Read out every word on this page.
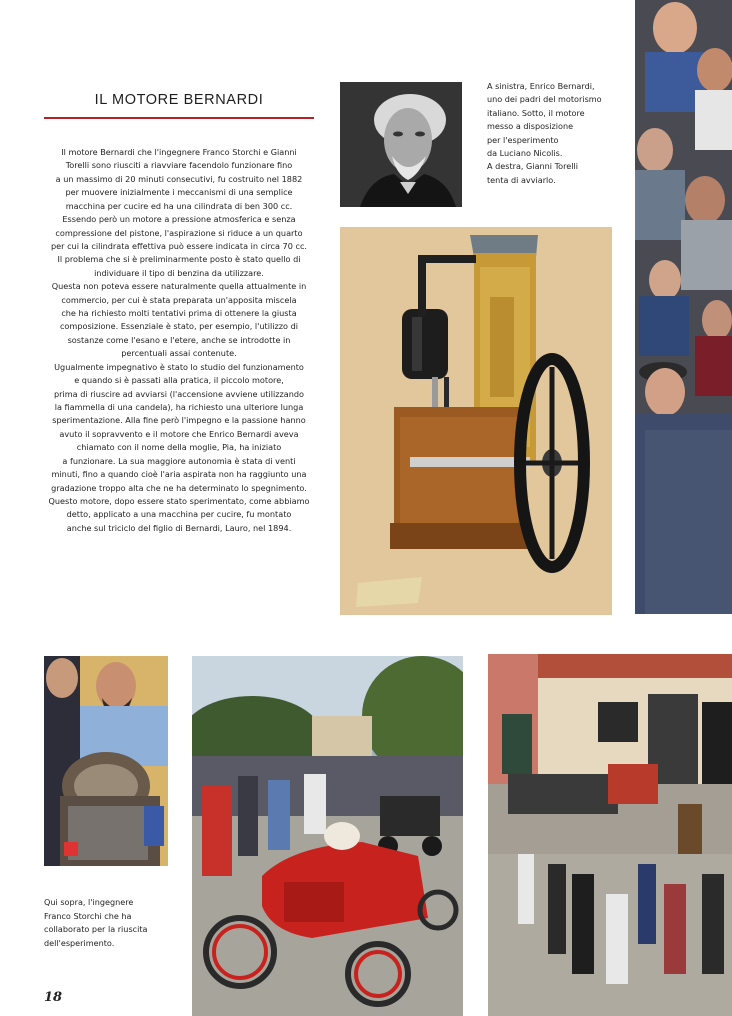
IL MOTORE BERNARDI
Il motore Bernardi che l'ingegnere Franco Storchi e Gianni
Torelli sono riusciti a riavviare facendolo funzionare fino
a un massimo di 20 minuti consecutivi, fu costruito nel 1882
per muovere inizialmente i meccanismi di una semplice
macchina per cucire ed ha una cilindrata di ben 300 cc.
Essendo però un motore a pressione atmosferica e senza
compressione del pistone, l'aspirazione si riduce a un quarto
per cui la cilindrata effettiva può essere indicata in circa 70 cc.
Il problema che si è preliminarmente posto è stato quello di
individuare il tipo di benzina da utilizzare.
Questa non poteva essere naturalmente quella attualmente in
commercio, per cui è stata preparata un'apposita miscela
che ha richiesto molti tentativi prima di ottenere la giusta
composizione. Essenziale è stato, per esempio, l'utilizzo di
sostanze come l'esano e l'etere, anche se introdotte in
percentuali assai contenute.
Ugualmente impegnativo è stato lo studio del funzionamento
e quando si è passati alla pratica, il piccolo motore,
prima di riuscire ad avviarsi (l'accensione avviene utilizzando
la fiammella di una candela), ha richiesto una ulteriore lunga
sperimentazione. Alla fine però l'impegno e la passione hanno
avuto il sopravvento e il motore che Enrico Bernardi aveva
chiamato con il nome della moglie, Pia, ha iniziato
a funzionare. La sua maggiore autonomia è stata di venti
minuti, fino a quando cioè l'aria aspirata non ha raggiunto una
gradazione troppo alta che ne ha determinato lo spegnimento.
Questo motore, dopo essere stato sperimentato, come abbiamo
detto, applicato a una macchina per cucire, fu montato
anche sul triciclo del figlio di Bernardi, Lauro, nel 1894.
A sinistra, Enrico Bernardi,
uno dei padri del motorismo
italiano. Sotto, il motore
messo a disposizione
per l'esperimento
da Luciano Nicolis.
A destra, Gianni Torelli
tenta di avviarlo.
Qui sopra, l'ingegnere
Franco Storchi che ha
collaborato per la riuscita
dell'esperimento.
18
